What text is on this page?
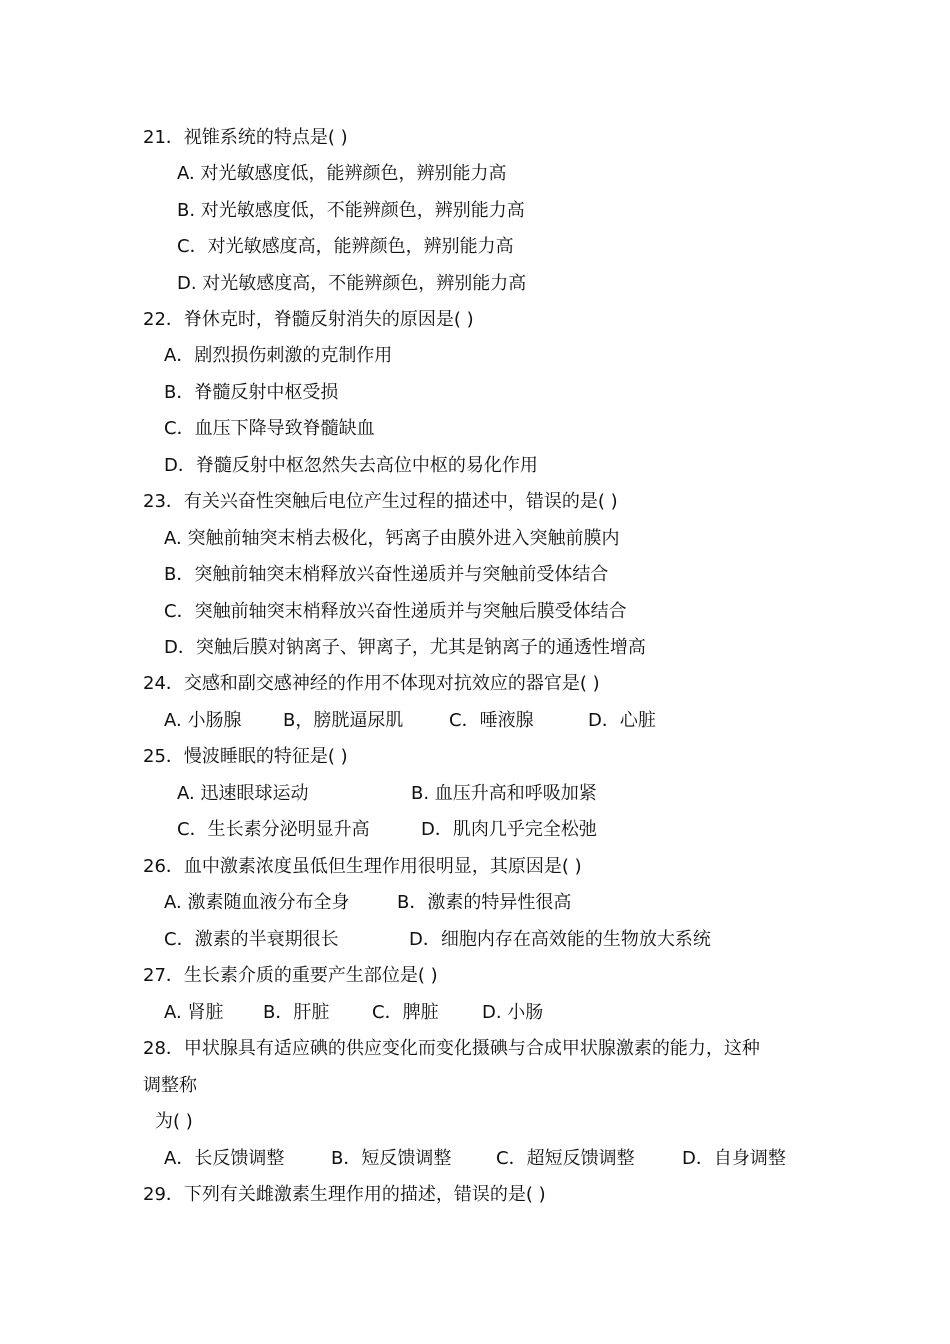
21．视锥系统的特点是( )
A. 对光敏感度低，能辨颜色，辨别能力高
B. 对光敏感度低，不能辨颜色，辨别能力高
C．对光敏感度高，能辨颜色，辨别能力高
D. 对光敏感度高，不能辨颜色，辨别能力高
22．脊休克时，脊髓反射消失的原因是( )
A．剧烈损伤刺激的克制作用
B．脊髓反射中枢受损
C．血压下降导致脊髓缺血
D．脊髓反射中枢忽然失去高位中枢的易化作用
23．有关兴奋性突触后电位产生过程的描述中，错误的是( )
A. 突触前轴突末梢去极化，钙离子由膜外进入突触前膜内
B．突触前轴突末梢释放兴奋性递质并与突触前受体结合
C．突触前轴突末梢释放兴奋性递质并与突触后膜受体结合
D．突触后膜对钠离子、钾离子，尤其是钠离子的通透性增高
24．交感和副交感神经的作用不体现对抗效应的器官是( )
A. 小肠腺 B，膀胱逼尿肌	C．唾液腺	D．心脏
25．慢波睡眠的特征是( )
A. 迅速眼球运动	B. 血压升高和呼吸加紧
C．生长素分泌明显升高	D．肌肉几乎完全松弛
26．血中激素浓度虽低但生理作用很明显，其原因是( )
A. 激素随血液分布全身	B．激素的特异性很高
C．激素的半衰期很长	D．细胞内存在高效能的生物放大系统
27．生长素介质的重要产生部位是( )
A. 肾脏 B．肝脏 C．脾脏 D. 小肠
28．甲状腺具有适应碘的供应变化而变化摄碘与合成甲状腺激素的能力，这种
调整称
为( )
A．长反馈调整	B．短反馈调整 C．超短反馈调整	D．自身调整
29．下列有关雌激素生理作用的描述，错误的是( )
